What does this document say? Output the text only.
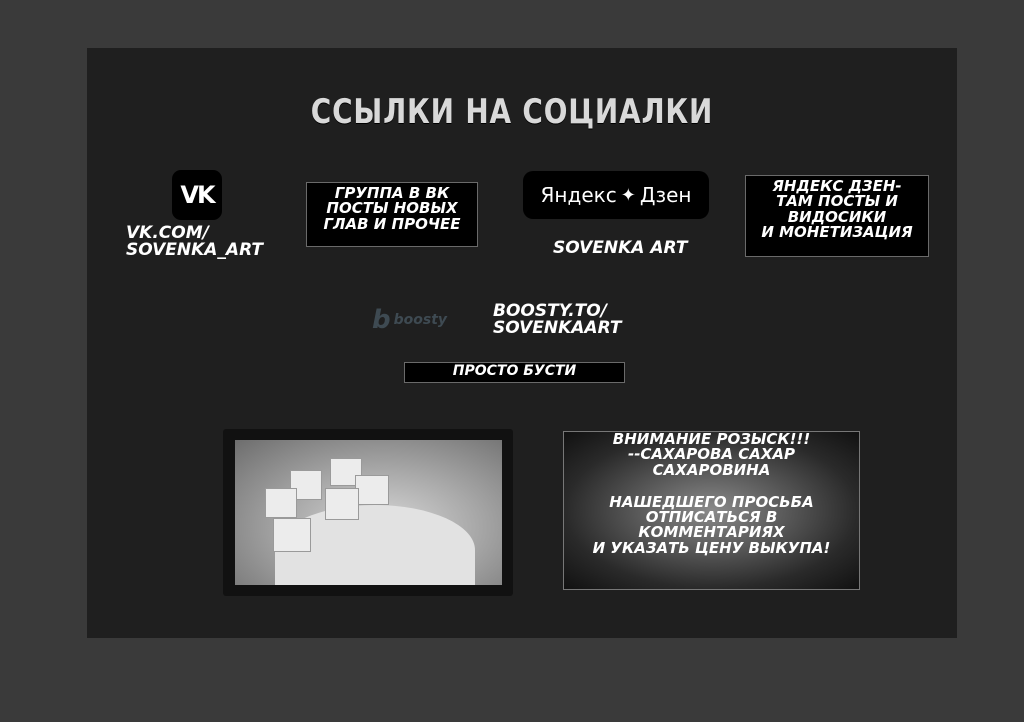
ССЫЛКИ НА СОЦИАЛКИ
VK
VK.COM/
SOVENKA_ART
ГРУППА В ВК
ПОСТЫ НОВЫХ
ГЛАВ И ПРОЧЕЕ
Яндекс ✦ Дзен
SOVENKA ART
ЯНДЕКС ДЗЕН-
ТАМ ПОСТЫ И
ВИДОСИКИ
И МОНЕТИЗАЦИЯ
b boosty	BOOSTY.TO/
SOVENKAART
ПРОСТО БУСТИ
ВНИМАНИЕ РОЗЫСК!!!
--САХАРОВА САХАР
САХАРОВИНА
НАШЕДШЕГО ПРОСЬБА
ОТПИСАТЬСЯ В
КОММЕНТАРИЯХ
И УКАЗАТЬ ЦЕНУ ВЫКУПА!
